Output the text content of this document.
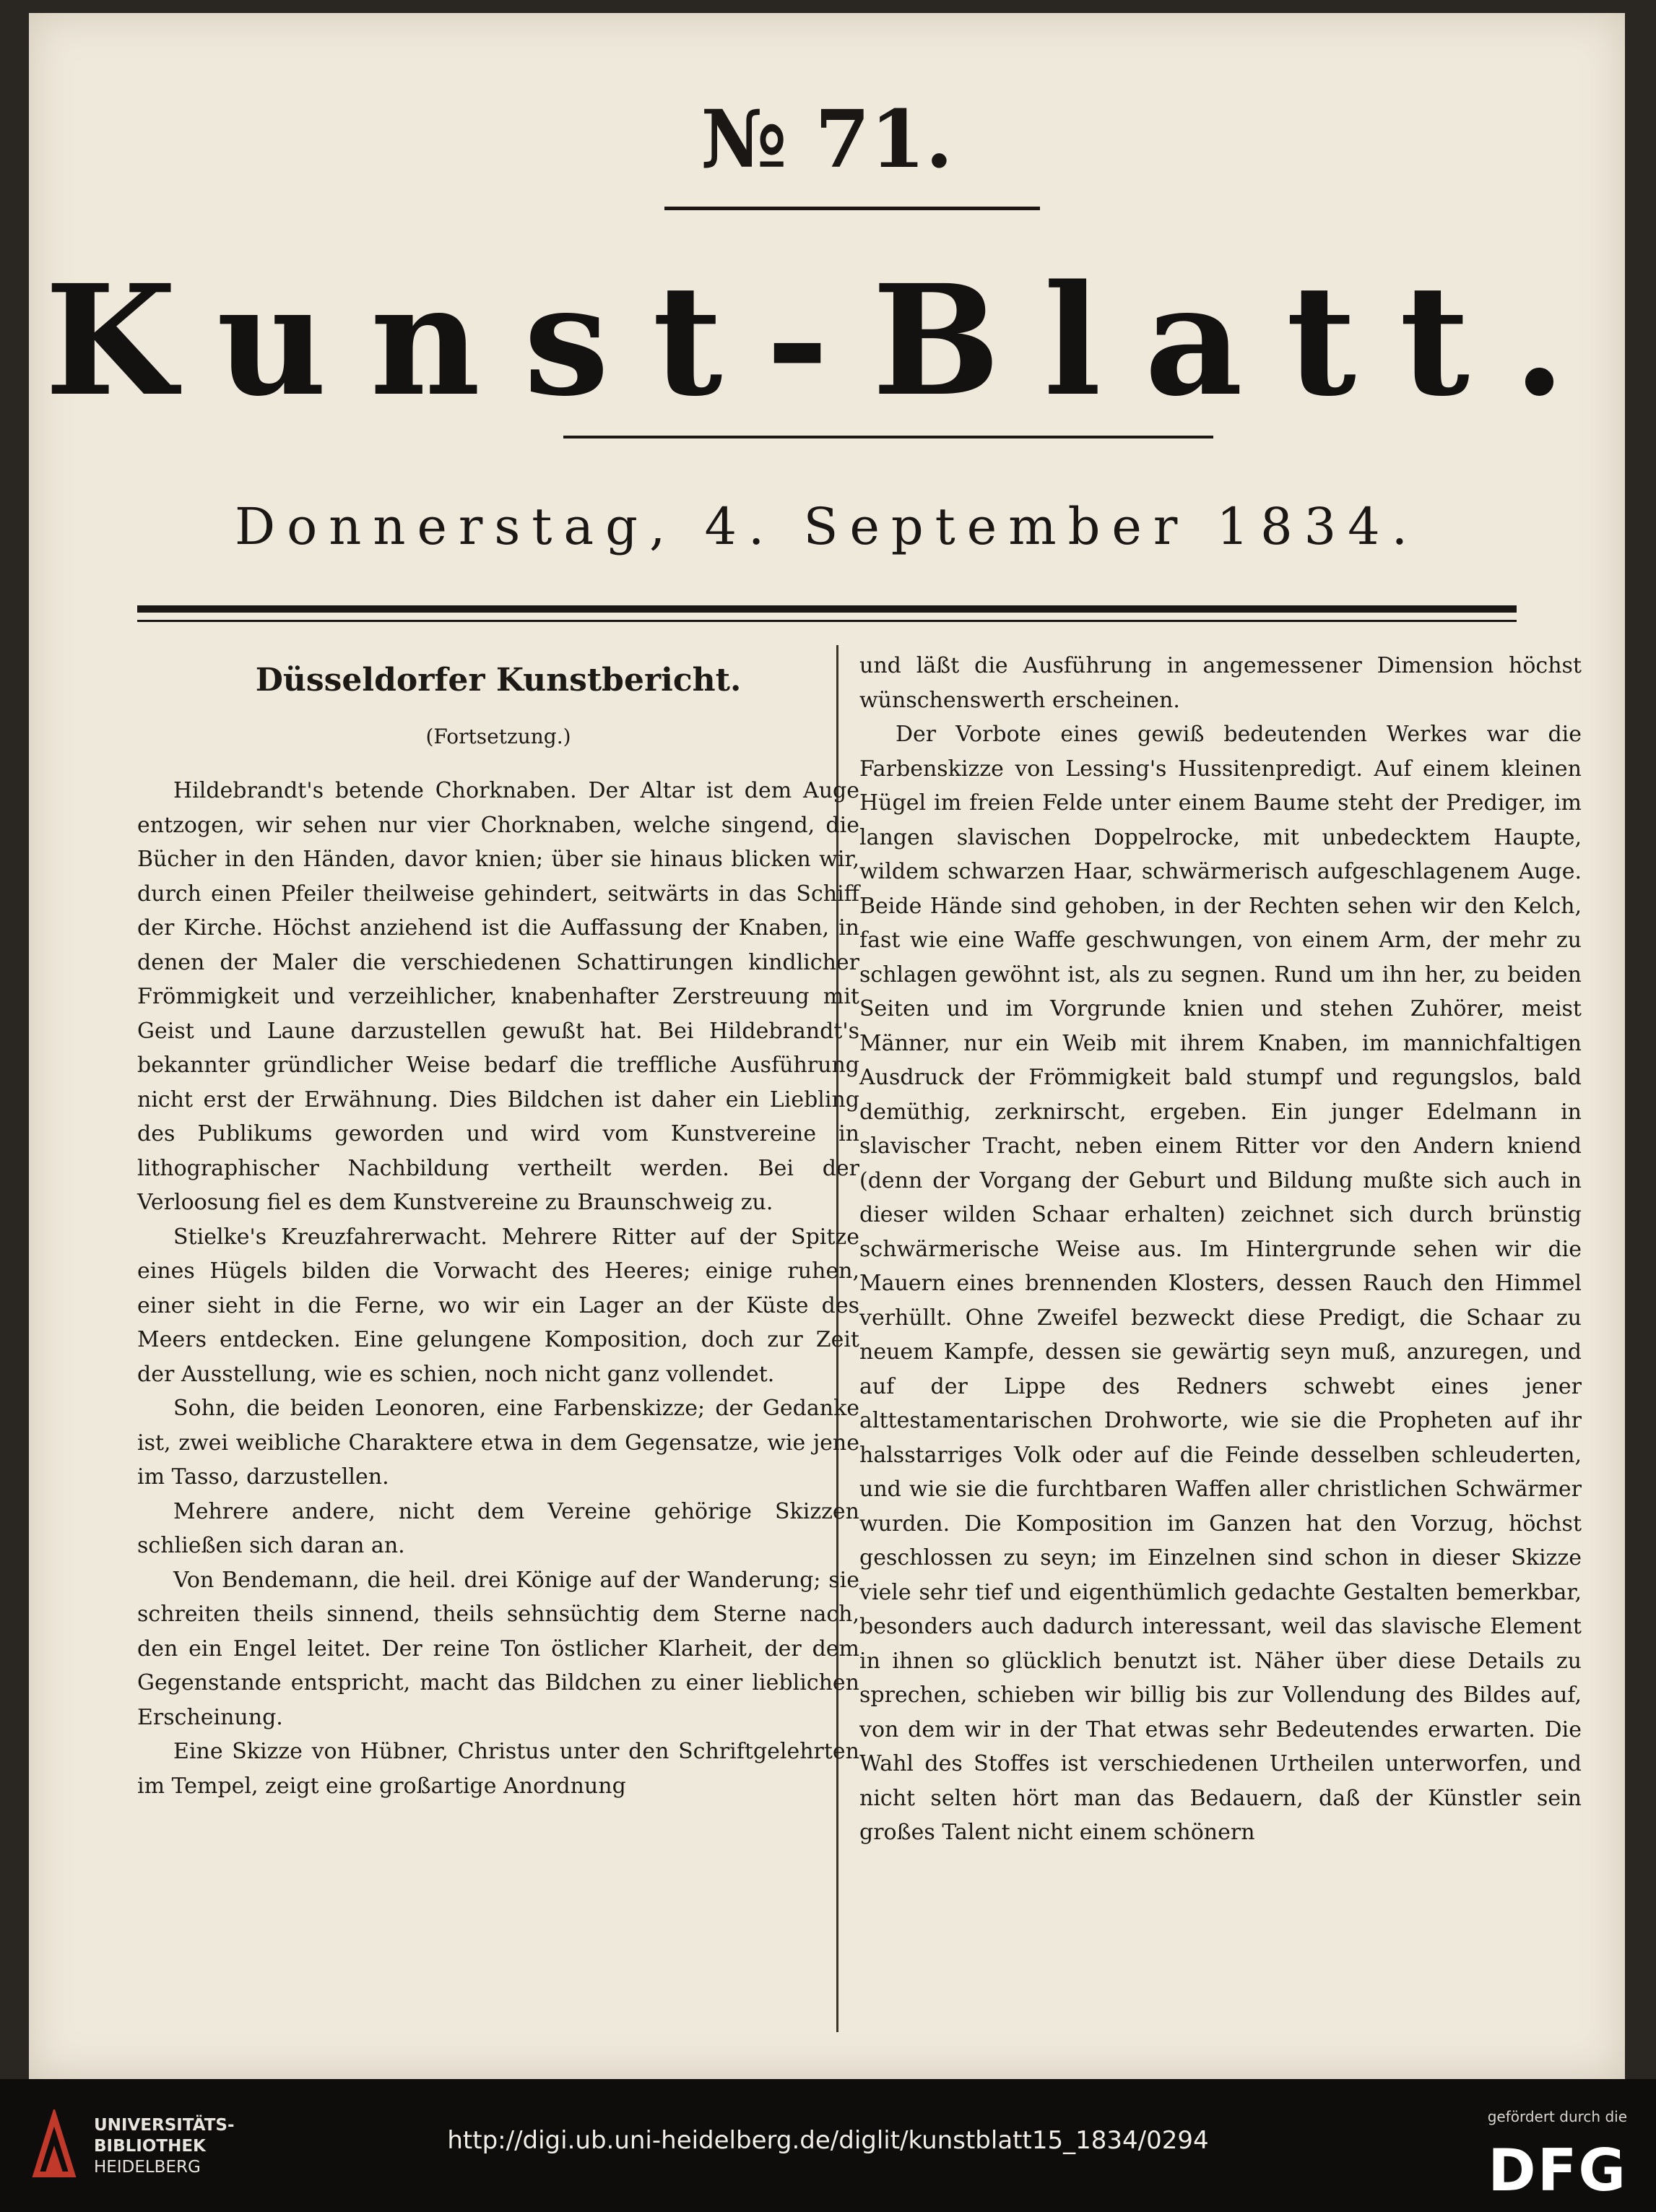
№ 71.
Kunst-Blatt.
Donnerstag, 4. September 1834.
Düsseldorfer Kunstbericht.
(Fortsetzung.)

Hildebrandt's betende Chorknaben. Der Altar ist dem Auge entzogen, wir sehen nur vier Chorknaben, welche singend, die Bücher in den Händen, davor knien; über sie hinaus blicken wir, durch einen Pfeiler theilweise gehindert, seitwärts in das Schiff der Kirche. Höchst anziehend ist die Auffassung der Knaben, in denen der Maler die verschiedenen Schattirungen kindlicher Frömmigkeit und verzeihlicher, knabenhafter Zerstreuung mit Geist und Laune darzustellen gewußt hat. Bei Hildebrandt's bekannter gründlicher Weise bedarf die treffliche Ausführung nicht erst der Erwähnung. Dies Bildchen ist daher ein Liebling des Publikums geworden und wird vom Kunstvereine in lithographischer Nachbildung vertheilt werden. Bei der Verloosung fiel es dem Kunstvereine zu Braunschweig zu.

Stielke's Kreuzfahrerwacht. Mehrere Ritter auf der Spitze eines Hügels bilden die Vorwacht des Heeres; einige ruhen, einer sieht in die Ferne, wo wir ein Lager an der Küste des Meers entdecken. Eine gelungene Komposition, doch zur Zeit der Ausstellung, wie es schien, noch nicht ganz vollendet.

Sohn, die beiden Leonoren, eine Farbenskizze; der Gedanke ist, zwei weibliche Charaktere etwa in dem Gegensatze, wie jene im Tasso, darzustellen.

Mehrere andere, nicht dem Vereine gehörige Skizzen schließen sich daran an.

Von Bendemann, die heil. drei Könige auf der Wanderung; sie schreiten theils sinnend, theils sehnsüchtig dem Sterne nach, den ein Engel leitet. Der reine Ton östlicher Klarheit, der dem Gegenstande entspricht, macht das Bildchen zu einer lieblichen Erscheinung.

Eine Skizze von Hübner, Christus unter den Schriftgelehrten im Tempel, zeigt eine großartige Anordnung

und läßt die Ausführung in angemessener Dimension höchst wünschenswerth erscheinen.

Der Vorbote eines gewiß bedeutenden Werkes war die Farbenskizze von Lessing's Hussitenpredigt. Auf einem kleinen Hügel im freien Felde unter einem Baume steht der Prediger, im langen slavischen Doppelrocke, mit unbedecktem Haupte, wildem schwarzen Haar, schwärmerisch aufgeschlagenem Auge. Beide Hände sind gehoben, in der Rechten sehen wir den Kelch, fast wie eine Waffe geschwungen, von einem Arm, der mehr zu schlagen gewöhnt ist, als zu segnen. Rund um ihn her, zu beiden Seiten und im Vorgrunde knien und stehen Zuhörer, meist Männer, nur ein Weib mit ihrem Knaben, im mannichfaltigen Ausdruck der Frömmigkeit bald stumpf und regungslos, bald demüthig, zerknirscht, ergeben. Ein junger Edelmann in slavischer Tracht, neben einem Ritter vor den Andern kniend (denn der Vorgang der Geburt und Bildung mußte sich auch in dieser wilden Schaar erhalten) zeichnet sich durch brünstig schwärmerische Weise aus. Im Hintergrunde sehen wir die Mauern eines brennenden Klosters, dessen Rauch den Himmel verhüllt. Ohne Zweifel bezweckt diese Predigt, die Schaar zu neuem Kampfe, dessen sie gewärtig seyn muß, anzuregen, und auf der Lippe des Redners schwebt eines jener alttestamentarischen Drohworte, wie sie die Propheten auf ihr halsstarriges Volk oder auf die Feinde desselben schleuderten, und wie sie die furchtbaren Waffen aller christlichen Schwärmer wurden. Die Komposition im Ganzen hat den Vorzug, höchst geschlossen zu seyn; im Einzelnen sind schon in dieser Skizze viele sehr tief und eigenthümlich gedachte Gestalten bemerkbar, besonders auch dadurch interessant, weil das slavische Element in ihnen so glücklich benutzt ist. Näher über diese Details zu sprechen, schieben wir billig bis zur Vollendung des Bildes auf, von dem wir in der That etwas sehr Bedeutendes erwarten. Die Wahl des Stoffes ist verschiedenen Urtheilen unterworfen, und nicht selten hört man das Bedauern, daß der Künstler sein großes Talent nicht einem schönern

UNIVERSITÄTS-
BIBLIOTHEK
HEIDELBERG
http://digi.ub.uni-heidelberg.de/diglit/kunstblatt15_1834/0294
gefördert durch die
DFG
